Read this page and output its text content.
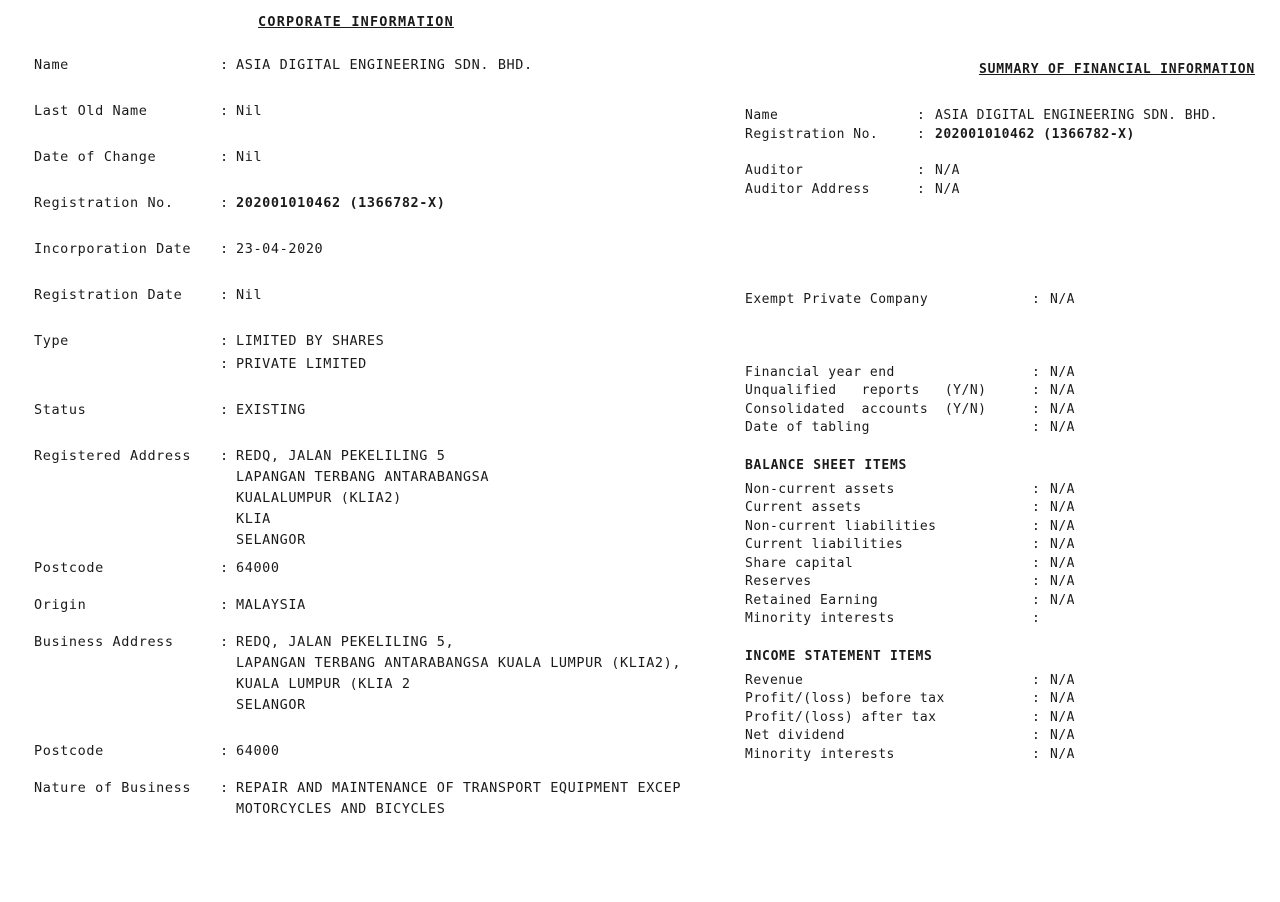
CORPORATE INFORMATION
Name	: ASIA DIGITAL ENGINEERING SDN. BHD.
Last Old Name	: Nil
Date of Change	: Nil
Registration No.	: 202001010462 (1366782-X)
Incorporation Date	: 23-04-2020
Registration Date	: Nil
Type	: LIMITED BY SHARES
: PRIVATE LIMITED
Status	: EXISTING
Registered Address	: REDQ, JALAN PEKELILING 5
LAPANGAN TERBANG ANTARABANGSA
KUALALUMPUR (KLIA2)
KLIA
SELANGOR
Postcode	: 64000
Origin	: MALAYSIA
Business Address	: REDQ, JALAN PEKELILING 5,
LAPANGAN TERBANG ANTARABANGSA KUALA LUMPUR (KLIA2),
KUALA LUMPUR (KLIA 2
SELANGOR
Postcode	: 64000
Nature of Business	: REPAIR AND MAINTENANCE OF TRANSPORT EQUIPMENT EXCEP
MOTORCYCLES AND BICYCLES
SUMMARY OF FINANCIAL INFORMATION
Name	: ASIA DIGITAL ENGINEERING SDN. BHD.
Registration No.	: 202001010462 (1366782-X)
Auditor	: N/A
Auditor Address	: N/A
Exempt Private Company	: N/A
Financial year end	: N/A
Unqualified   reports   (Y/N)	: N/A
Consolidated  accounts  (Y/N)	: N/A
Date of tabling	: N/A
BALANCE SHEET ITEMS
Non-current assets	: N/A
Current assets	: N/A
Non-current liabilities	: N/A
Current liabilities	: N/A
Share capital	: N/A
Reserves	: N/A
Retained Earning	: N/A
Minority interests	:
INCOME STATEMENT ITEMS
Revenue	: N/A
Profit/(loss) before tax	: N/A
Profit/(loss) after tax	: N/A
Net dividend	: N/A
Minority interests	: N/A
